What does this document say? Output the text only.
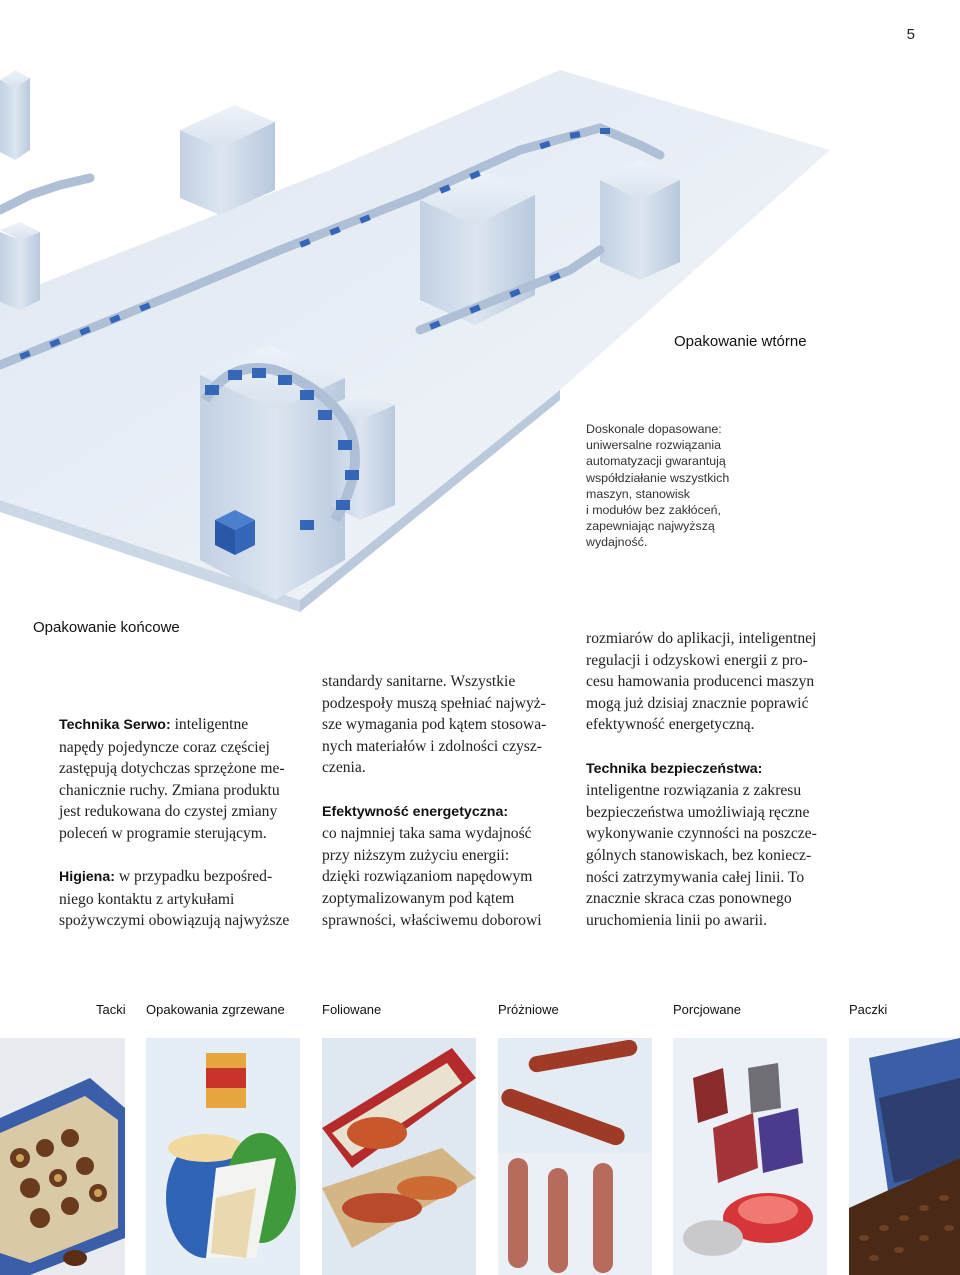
5
Opakowanie wtórne
Doskonale dopasowane:
uniwersalne rozwiązania
automatyzacji gwarantują
współdziałanie wszystkich
maszyn, stanowisk
i modułów bez zakłóceń,
zapewniając najwyższą
wydajność.
Opakowanie końcowe

Technika Serwo: inteligentne

napędy pojedyncze coraz częściej

zastępują dotychczas sprzężone me-

chanicznie ruchy. Zmiana produktu

jest redukowana do czystej zmiany

poleceń w programie sterującym.

Higiena: w przypadku bezpośred-

niego kontaktu z artykułami

spożywczymi obowiązują najwyższe

standardy sanitarne. Wszystkie

podzespoły muszą spełniać najwyż-

sze wymagania pod kątem stosowa-

nych materiałów i zdolności czysz-

czenia.

Efektywność energetyczna:

co najmniej taka sama wydajność

przy niższym zużyciu energii:

dzięki rozwiązaniom napędowym

zoptymalizowanym pod kątem

sprawności, właściwemu doborowi

rozmiarów do aplikacji, inteligentnej

regulacji i odzyskowi energii z pro-

cesu hamowania producenci maszyn

mogą już dzisiaj znacznie poprawić

efektywność energetyczną.

Technika bezpieczeństwa:

inteligentne rozwiązania z zakresu

bezpieczeństwa umożliwiają ręczne

wykonywanie czynności na poszcze-

gólnych stanowiskach, bez koniecz-

ności zatrzymywania całej linii. To

znacznie skraca czas ponownego

uruchomienia linii po awarii.

Tacki Opakowania zgrzewane	Foliowane	Próżniowe	Porcjowane	Paczki
